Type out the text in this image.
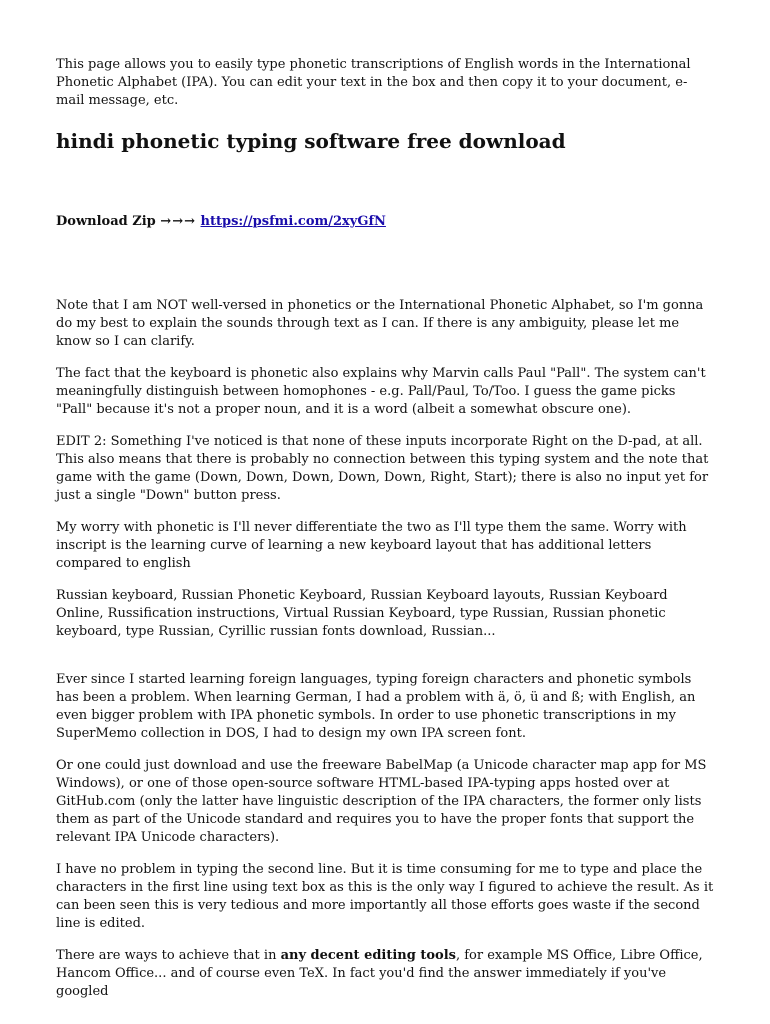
This page allows you to easily type phonetic transcriptions of English words in the International Phonetic Alphabet (IPA). You can edit your text in the box and then copy it to your document, e-mail message, etc.

hindi phonetic typing software free download
Download Zip →→→ https://psfmi.com/2xyGfN

Note that I am NOT well-versed in phonetics or the International Phonetic Alphabet, so I'm gonna do my best to explain the sounds through text as I can. If there is any ambiguity, please let me know so I can clarify.

The fact that the keyboard is phonetic also explains why Marvin calls Paul "Pall". The system can't meaningfully distinguish between homophones - e.g. Pall/Paul, To/Too. I guess the game picks "Pall" because it's not a proper noun, and it is a word (albeit a somewhat obscure one).

EDIT 2: Something I've noticed is that none of these inputs incorporate Right on the D-pad, at all. This also means that there is probably no connection between this typing system and the note that game with the game (Down, Down, Down, Down, Down, Right, Start); there is also no input yet for just a single "Down" button press.

My worry with phonetic is I'll never differentiate the two as I'll type them the same. Worry with inscript is the learning curve of learning a new keyboard layout that has additional letters compared to english

Russian keyboard, Russian Phonetic Keyboard, Russian Keyboard layouts, Russian Keyboard Online, Russification instructions, Virtual Russian Keyboard, type Russian, Russian phonetic keyboard, type Russian, Cyrillic russian fonts download, Russian...

Ever since I started learning foreign languages, typing foreign characters and phonetic symbols has been a problem. When learning German, I had a problem with ä, ö, ü and ß; with English, an even bigger problem with IPA phonetic symbols. In order to use phonetic transcriptions in my SuperMemo collection in DOS, I had to design my own IPA screen font.

Or one could just download and use the freeware BabelMap (a Unicode character map app for MS Windows), or one of those open-source software HTML-based IPA-typing apps hosted over at GitHub.com (only the latter have linguistic description of the IPA characters, the former only lists them as part of the Unicode standard and requires you to have the proper fonts that support the relevant IPA Unicode characters).

I have no problem in typing the second line. But it is time consuming for me to type and place the characters in the first line using text box as this is the only way I figured to achieve the result. As it can been seen this is very tedious and more importantly all those efforts goes waste if the second line is edited.

There are ways to achieve that in any decent editing tools, for example MS Office, Libre Office, Hancom Office... and of course even TeX. In fact you'd find the answer immediately if you've googled
